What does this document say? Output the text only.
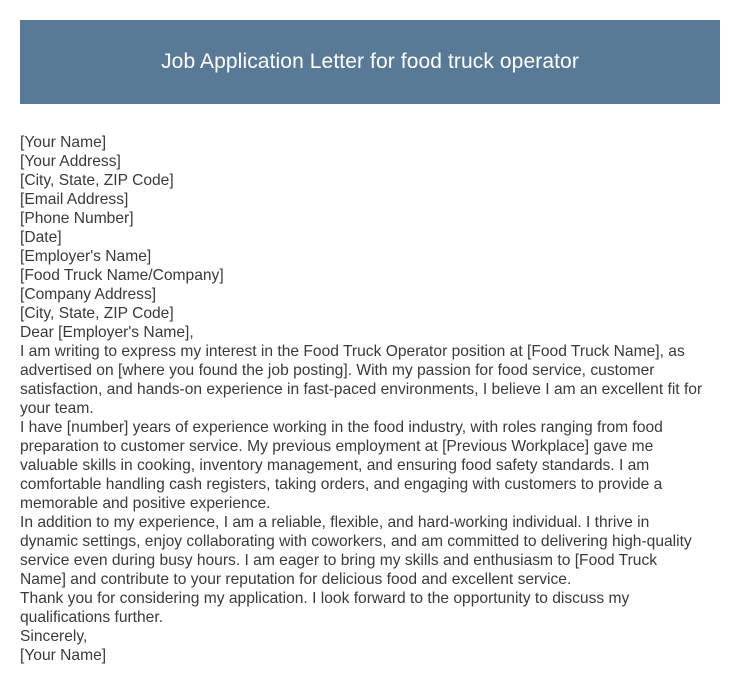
Job Application Letter for food truck operator
[Your Name]
[Your Address]
[City, State, ZIP Code]
[Email Address]
[Phone Number]
[Date]
[Employer's Name]
[Food Truck Name/Company]
[Company Address]
[City, State, ZIP Code]
Dear [Employer's Name],
I am writing to express my interest in the Food Truck Operator position at [Food Truck Name], as
advertised on [where you found the job posting]. With my passion for food service, customer
satisfaction, and hands-on experience in fast-paced environments, I believe I am an excellent fit for
your team.
I have [number] years of experience working in the food industry, with roles ranging from food
preparation to customer service. My previous employment at [Previous Workplace] gave me
valuable skills in cooking, inventory management, and ensuring food safety standards. I am
comfortable handling cash registers, taking orders, and engaging with customers to provide a
memorable and positive experience.
In addition to my experience, I am a reliable, flexible, and hard-working individual. I thrive in
dynamic settings, enjoy collaborating with coworkers, and am committed to delivering high-quality
service even during busy hours. I am eager to bring my skills and enthusiasm to [Food Truck
Name] and contribute to your reputation for delicious food and excellent service.
Thank you for considering my application. I look forward to the opportunity to discuss my
qualifications further.
Sincerely,
[Your Name]
